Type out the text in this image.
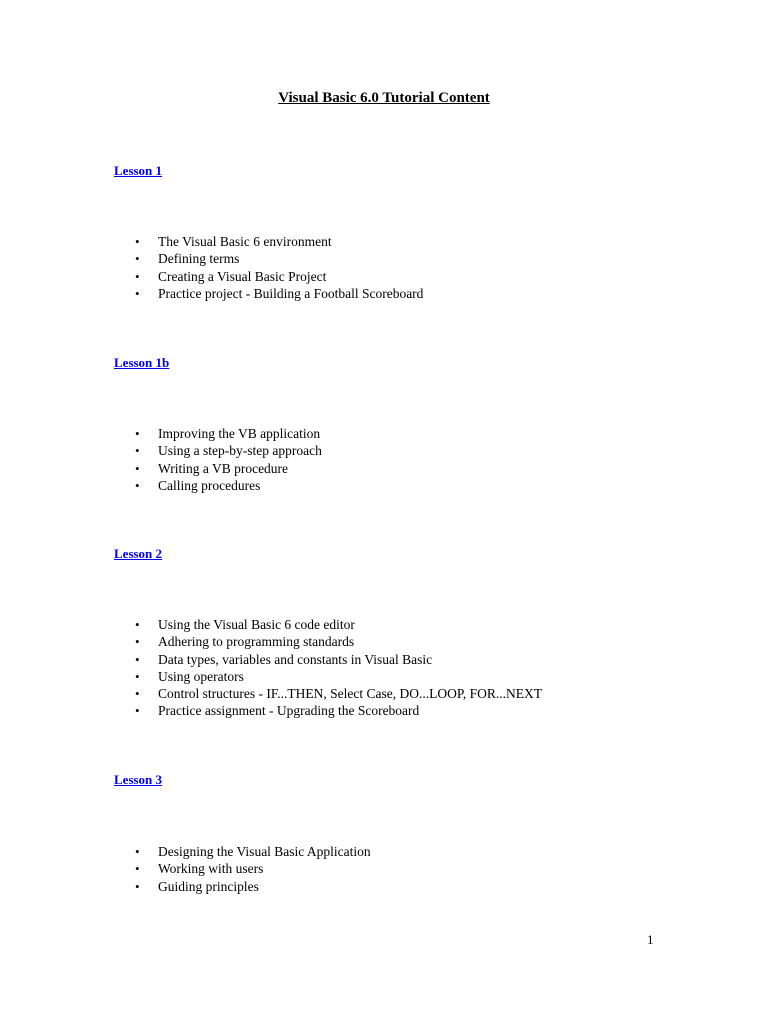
Visual Basic 6.0 Tutorial Content
Lesson 1
• The Visual Basic 6 environment
• Defining terms
• Creating a Visual Basic Project
• Practice project - Building a Football Scoreboard
Lesson 1b
• Improving the VB application
• Using a step-by-step approach
• Writing a VB procedure
• Calling procedures
Lesson 2
• Using the Visual Basic 6 code editor
• Adhering to programming standards
• Data types, variables and constants in Visual Basic
• Using operators
• Control structures - IF...THEN, Select Case, DO...LOOP, FOR...NEXT
• Practice assignment - Upgrading the Scoreboard
Lesson 3
• Designing the Visual Basic Application
• Working with users
• Guiding principles
1
